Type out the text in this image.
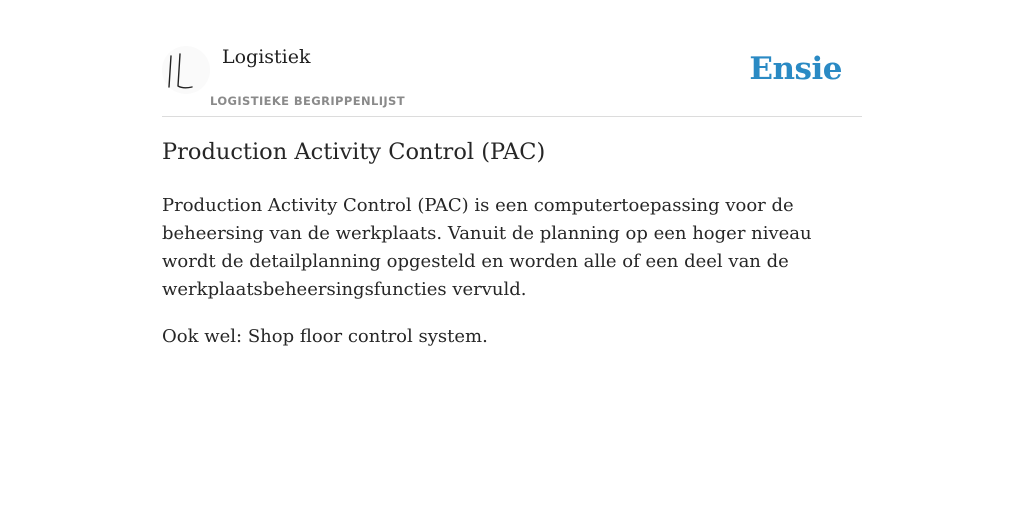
Logistiek
LOGISTIEKE BEGRIPPENLIJST
Ensie
Production Activity Control (PAC)

Production Activity Control (PAC) is een computertoepassing voor de beheersing van de werkplaats. Vanuit de planning op een hoger niveau wordt de detailplanning opgesteld en worden alle of een deel van de werkplaatsbeheersingsfuncties vervuld.

Ook wel: Shop floor control system.
